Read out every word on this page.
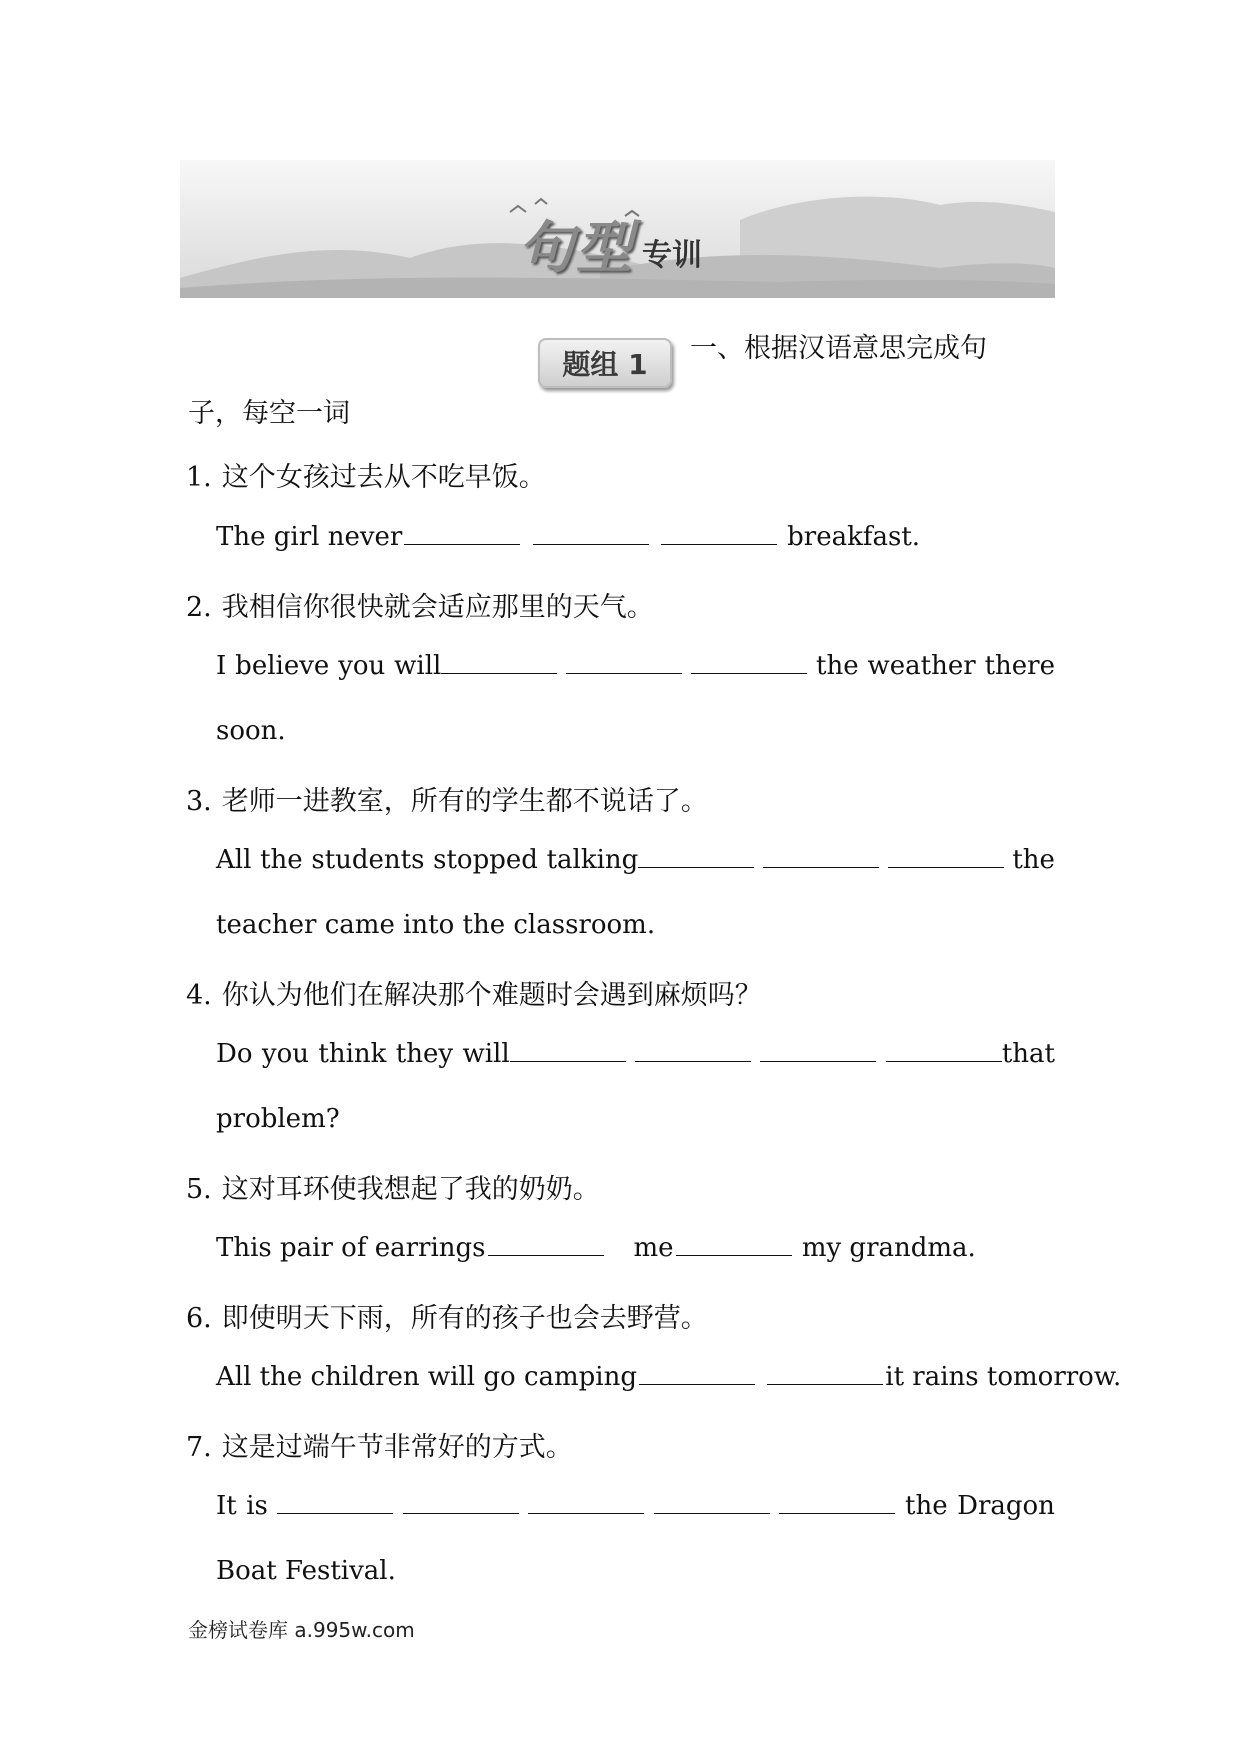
句型 专训
题组 1	一、根据汉语意思完成句
子，每空一词
1. 这个女孩过去从不吃早饭。
The girl never	breakfast.
2. 我相信你很快就会适应那里的天气。
I believe you will	the weather there
soon.
3. 老师一进教室，所有的学生都不说话了。
All the students stopped talking	the
teacher came into the classroom.
4. 你认为他们在解决那个难题时会遇到麻烦吗？
Do you think they will	that
problem?
5. 这对耳环使我想起了我的奶奶。
This pair of earrings	me	my grandma.
6. 即使明天下雨，所有的孩子也会去野营。
All the children will go camping	it rains tomorrow.
7. 这是过端午节非常好的方式。
It is	the Dragon
Boat Festival.
金榜试卷库 a.995w.com
